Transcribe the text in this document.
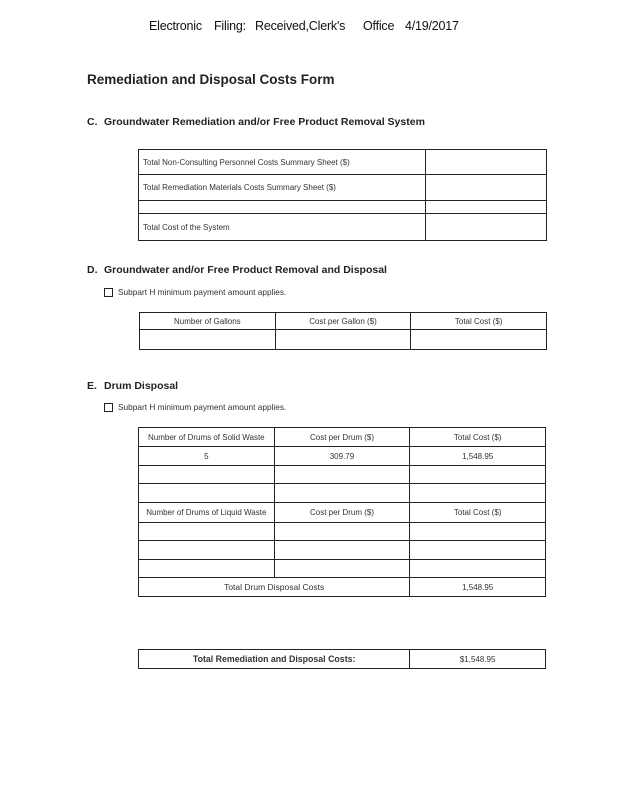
Electronic Filing: Received,Clerk's Office 4/19/2017
Remediation and Disposal Costs Form
C. Groundwater Remediation and/or Free Product Removal System
Total Non-Consulting Personnel Costs Summary Sheet ($)	
Total Remediation Materials Costs Summary Sheet ($)	

Total Cost of the System	
D. Groundwater and/or Free Product Removal and Disposal
Subpart H minimum payment amount applies.
Number of Gallons	Cost per Gallon ($)	Total Cost ($)

E. Drum Disposal
Subpart H minimum payment amount applies.
Number of Drums of Solid Waste	Cost per Drum ($)	Total Cost ($)
5	309.79	1,548.95

Number of Drums of Liquid Waste	Cost per Drum ($)	Total Cost ($)

Total Drum Disposal Costs		1,548.95
Total Remediation and Disposal Costs:	$1,548.95
